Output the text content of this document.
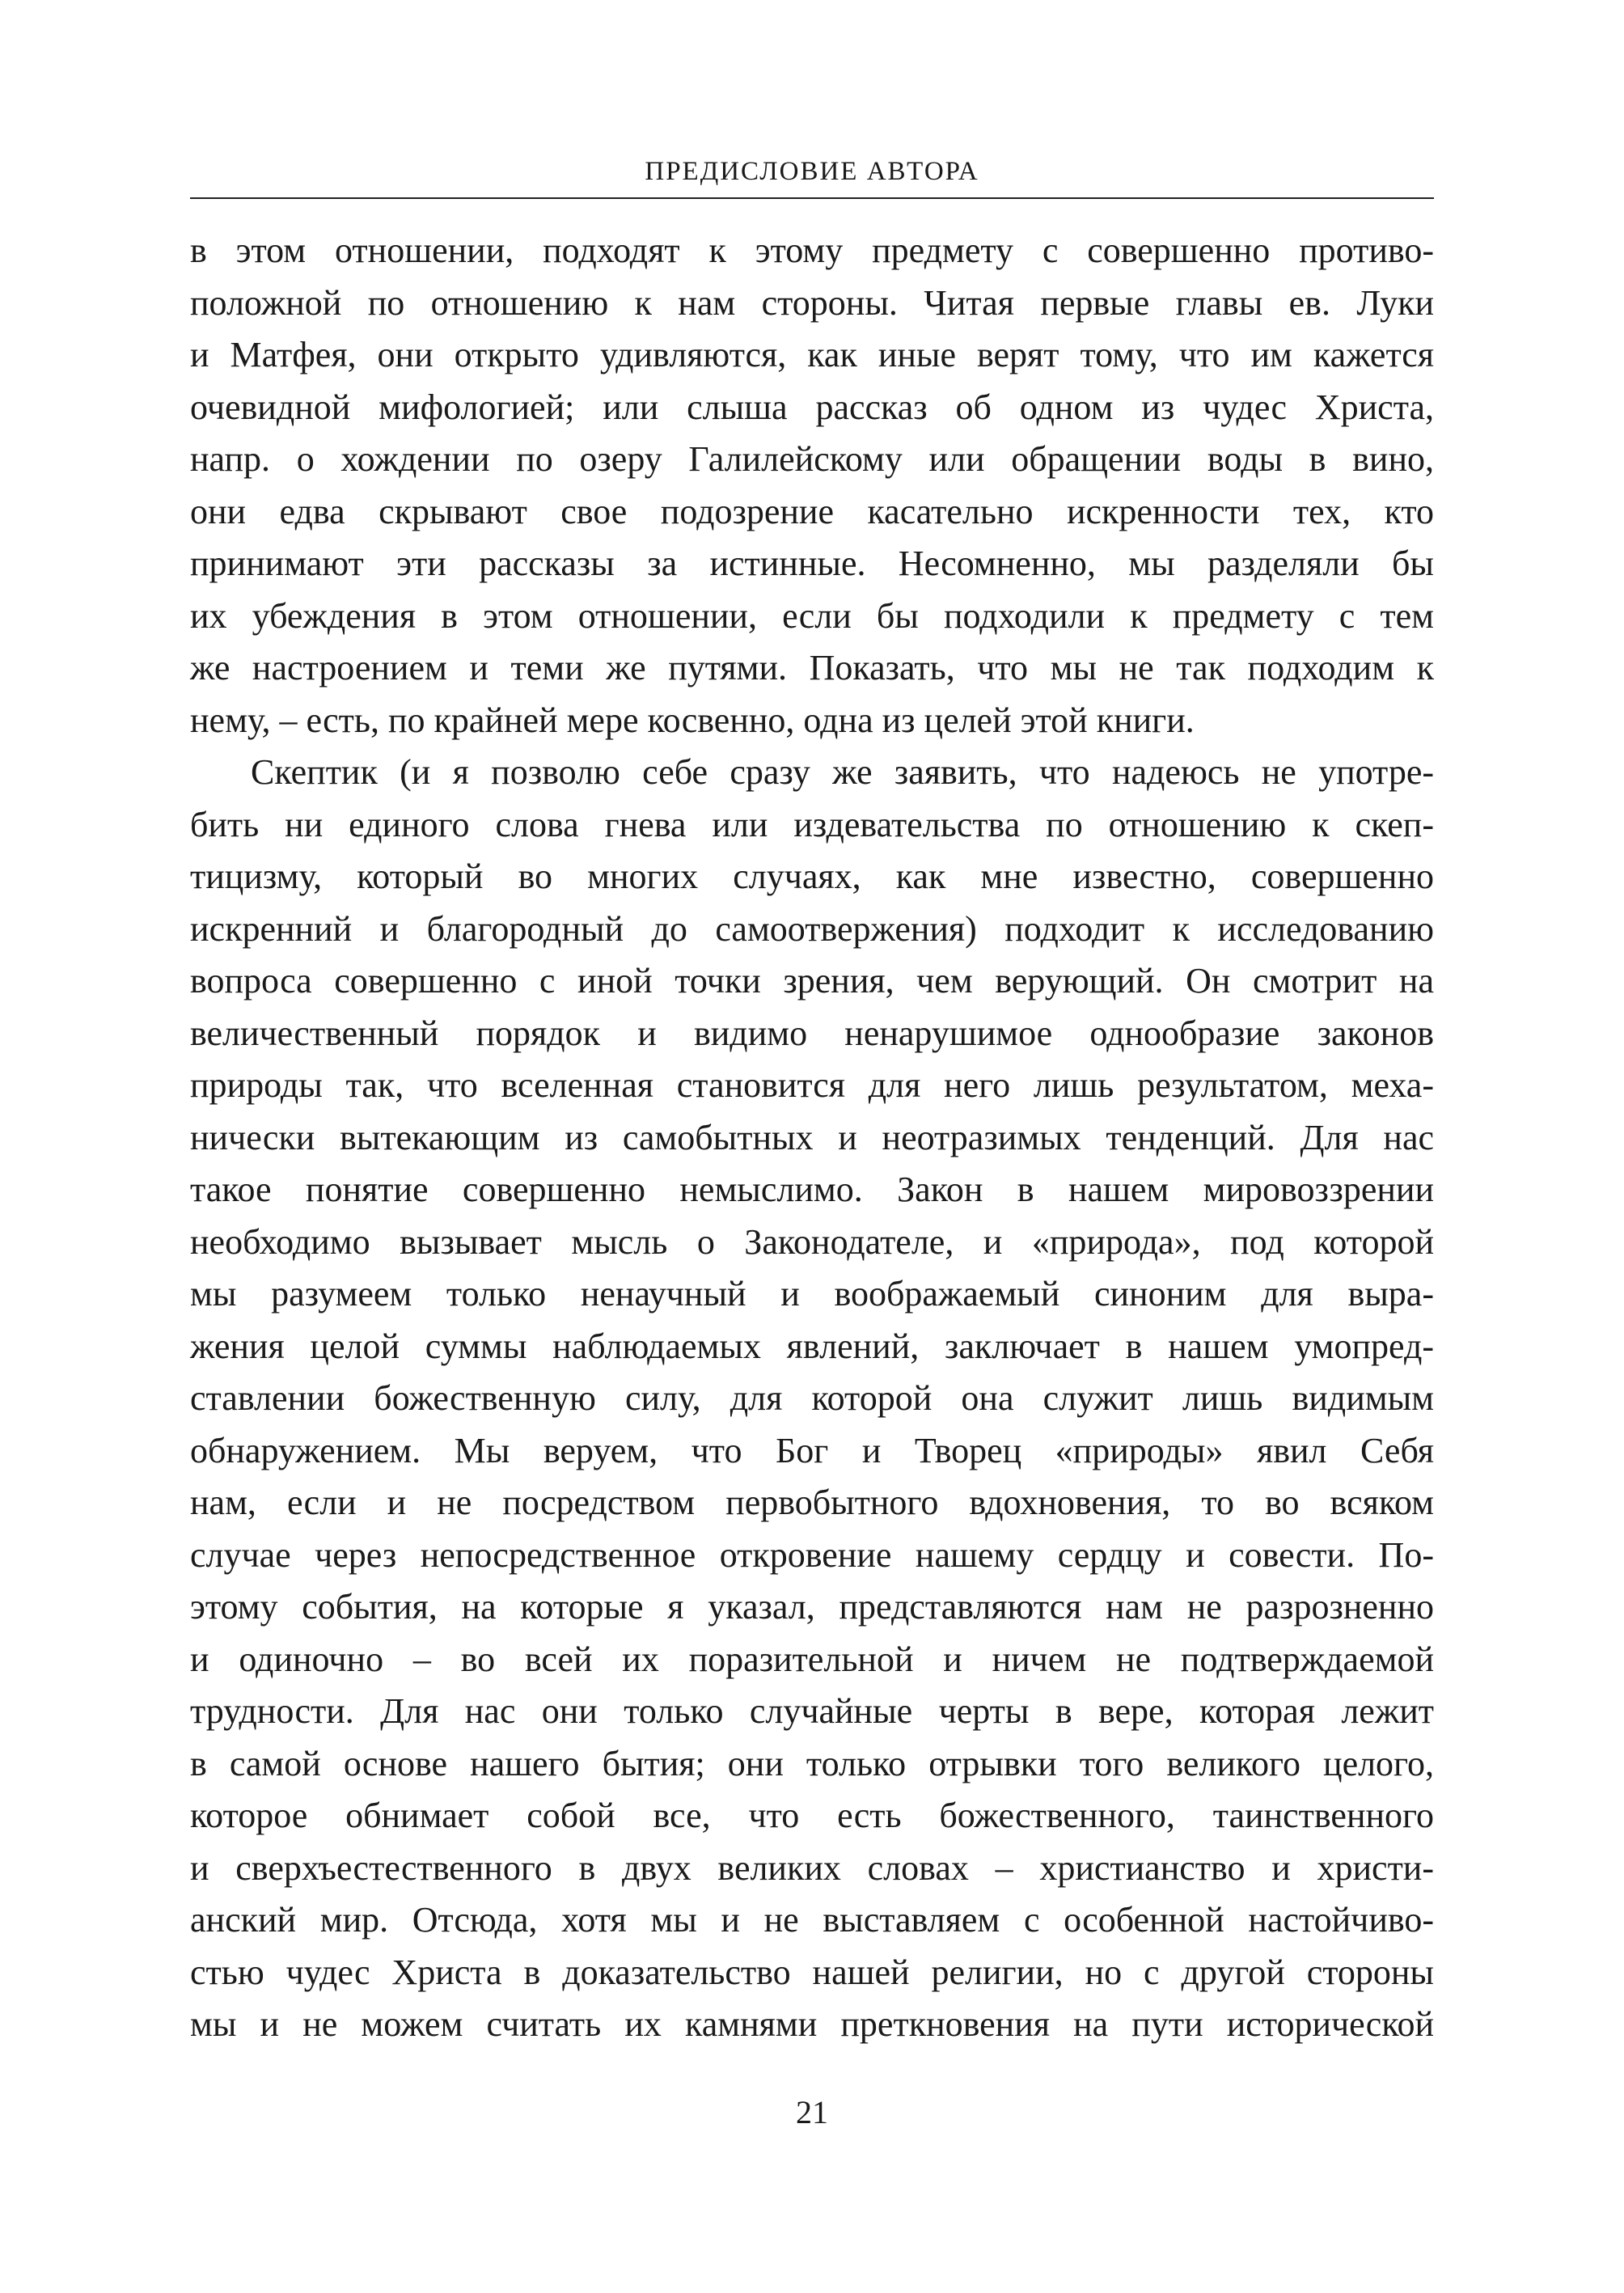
ПРЕДИСЛОВИЕ АВТОРА

в этом отношении, подходят к этому предмету с совершенно противо-

положной по отношению к нам стороны. Читая первые главы ев. Луки

и Матфея, они открыто удивляются, как иные верят тому, что им кажется

очевидной мифологией; или слыша рассказ об одном из чудес Христа,

напр. о хождении по озеру Галилейскому или обращении воды в вино,

они едва скрывают свое подозрение касательно искренности тех, кто

принимают эти рассказы за истинные. Несомненно, мы разделяли бы

их убеждения в этом отношении, если бы подходили к предмету с тем

же настроением и теми же путями. Показать, что мы не так подходим к

нему, – есть, по крайней мере косвенно, одна из целей этой книги.

Скептик (и я позволю себе сразу же заявить, что надеюсь не употре-

бить ни единого слова гнева или издевательства по отношению к скеп-

тицизму, который во многих случаях, как мне известно, совершенно

искренний и благородный до самоотвержения) подходит к исследованию

вопроса совершенно с иной точки зрения, чем верующий. Он смотрит на

величественный порядок и видимо ненарушимое однообразие законов

природы так, что вселенная становится для него лишь результатом, меха-

нически вытекающим из самобытных и неотразимых тенденций. Для нас

такое понятие совершенно немыслимо. Закон в нашем мировоззрении

необходимо вызывает мысль о Законодателе, и «природа», под которой

мы разумеем только ненаучный и воображаемый синоним для выра-

жения целой суммы наблюдаемых явлений, заключает в нашем умопред-

ставлении божественную силу, для которой она служит лишь видимым

обнаружением. Мы веруем, что Бог и Творец «природы» явил Себя

нам, если и не посредством первобытного вдохновения, то во всяком

случае через непосредственное откровение нашему сердцу и совести. По-

этому события, на которые я указал, представляются нам не разрозненно

и одиночно – во всей их поразительной и ничем не подтверждаемой

трудности. Для нас они только случайные черты в вере, которая лежит

в самой основе нашего бытия; они только отрывки того великого целого,

которое обнимает собой все, что есть божественного, таинственного

и сверхъестественного в двух великих словах – христианство и христи-

анский мир. Отсюда, хотя мы и не выставляем с особенной настойчиво-

стью чудес Христа в доказательство нашей религии, но с другой стороны

мы и не можем считать их камнями преткновения на пути исторической

21
